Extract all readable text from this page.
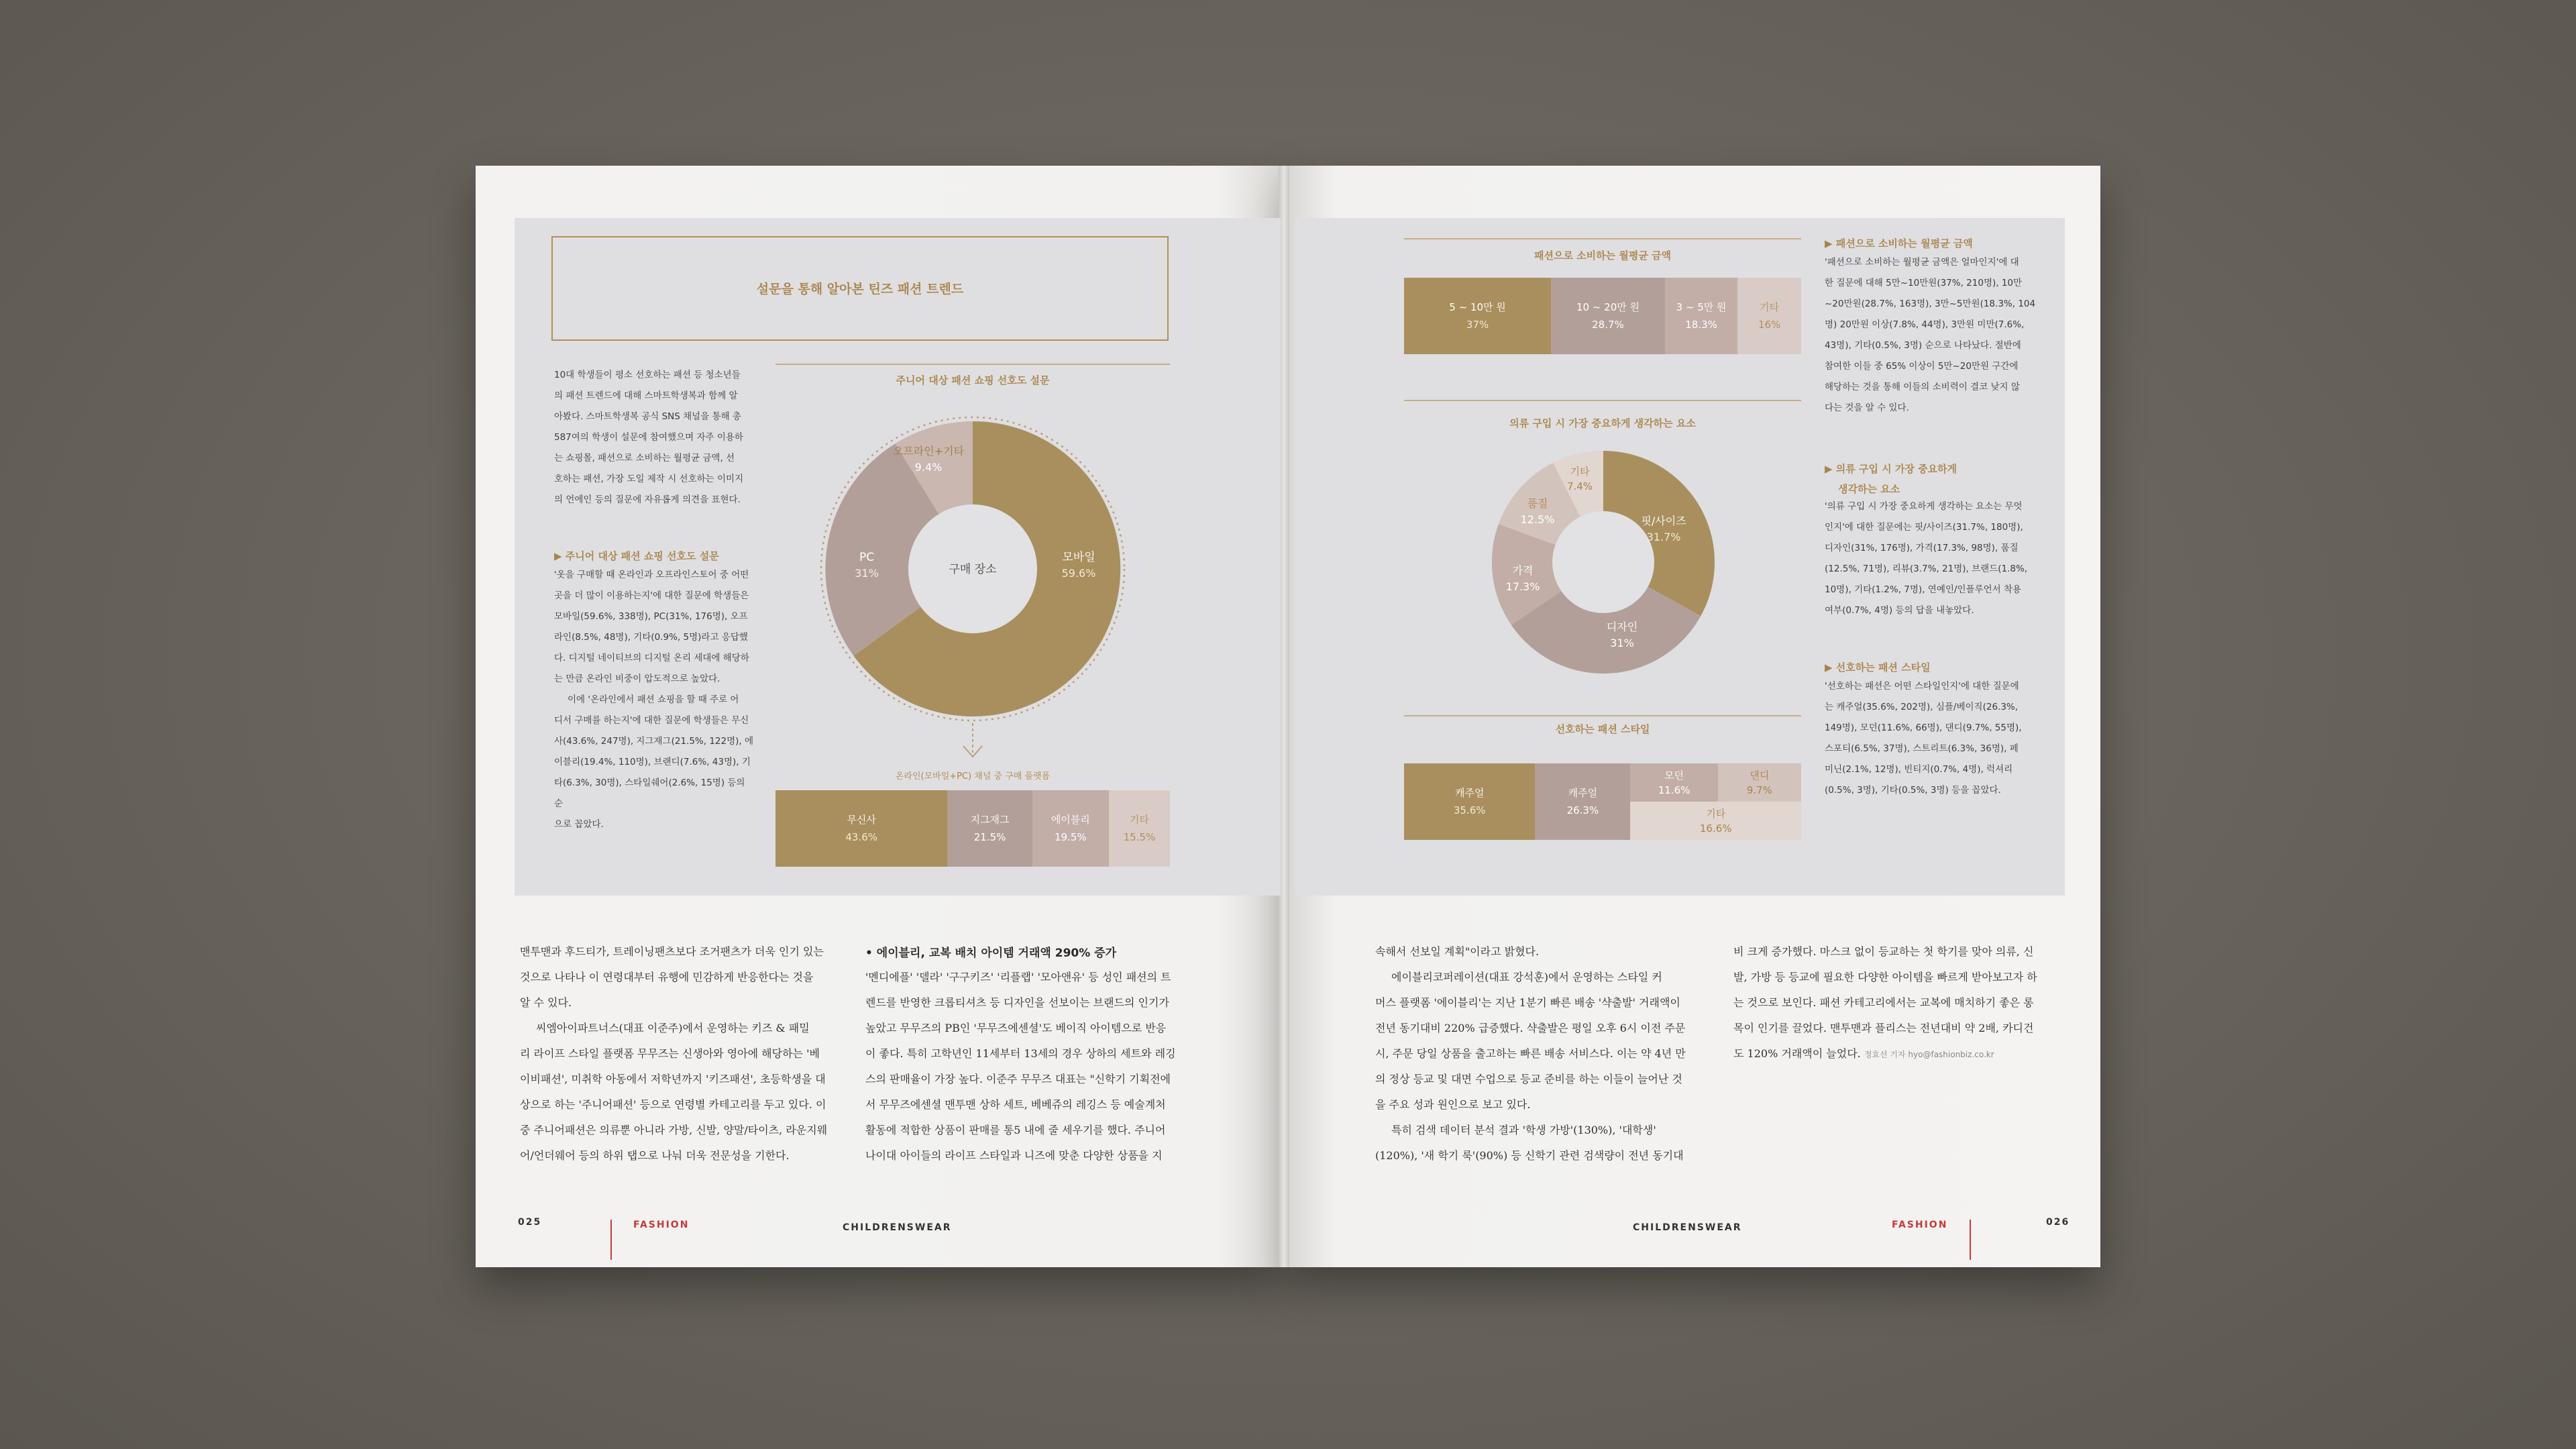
설문을 통해 알아본 틴즈 패션 트렌드
10대 학생들이 평소 선호하는 패션 등 청소년들
의 패션 트렌드에 대해 스마트학생복과 함께 알
아봤다. 스마트학생복 공식 SNS 채널을 통해 총
587여의 학생이 설문에 참여했으며 자주 이용하
는 쇼핑몰, 패션으로 소비하는 월평균 금액, 선
호하는 패션, 가장 도일 제작 시 선호하는 이미지
의 언에인 등의 질문에 자유롭게 의견을 표현다.
▶ 주니어 대상 패션 쇼핑 선호도 설문
'옷을 구매할 때 온라인과 오프라인스토어 중 어떤
곳을 더 많이 이용하는지'에 대한 질문에 학생들은
모바일(59.6%, 338명), PC(31%, 176명), 오프
라인(8.5%, 48명), 기타(0.9%, 5명)라고 응답했
다. 디지털 네이티브의 디지털 온리 세대에 해당하
는 만큼 온라인 비중이 압도적으로 높았다.
이에 '온라인에서 패션 쇼핑을 할 때 주로 어
디서 구매를 하는지'에 대한 질문에 학생들은 무신
사(43.6%, 247명), 지그재그(21.5%, 122명), 에
이블리(19.4%, 110명), 브랜디(7.6%, 43명), 기
타(6.3%, 30명), 스타일쉐어(2.6%, 15명) 등의 순
으로 꼽았다.
주니어 대상 패션 쇼핑 선호도 설문
구매 장소
모바일
59.6%
PC
31%
오프라인+기타
9.4%
온라인(모바일+PC) 채널 중 구매 플랫폼
무신사
43.6%
지그재그
21.5%
에이블리
19.5%
기타
15.5%
맨투맨과 후드티가, 트레이닝팬츠보다 조거팬츠가 더욱 인기 있는
것으로 나타나 이 연령대부터 유행에 민감하게 반응한다는 것을
알 수 있다.
씨엠아이파트너스(대표 이준주)에서 운영하는 키즈 & 패밀
리 라이프 스타일 플랫폼 무무즈는 신생아와 영아에 해당하는 '베
이비패션', 미취학 아동에서 저학년까지 '키즈패션', 초등학생을 대
상으로 하는 '주니어패션' 등으로 연령별 카테고리를 두고 있다. 이
중 주니어패션은 의류뿐 아니라 가방, 신발, 양말/타이츠, 라운지웨
어/언더웨어 등의 하위 탭으로 나눠 더욱 전문성을 기한다.
• 에이블리, 교복 배치 아이템 거래액 290% 증가
'멘디에플' '델라' '구구키즈' '리플랩' '모아앤유' 등 성인 패션의 트
렌드를 반영한 크롭티셔츠 등 디자인을 선보이는 브랜드의 인기가
높았고 무무즈의 PB인 '무무즈에센셜'도 베이직 아이템으로 반응
이 좋다. 특히 고학년인 11세부터 13세의 경우 상하의 세트와 레깅
스의 판매율이 가장 높다. 이준주 무무즈 대표는 "신학기 기획전에
서 무무즈에센셜 맨투맨 상하 세트, 베베쥬의 레깅스 등 예술계처
활동에 적합한 상품이 판매를 통5 내에 줄 세우기를 했다. 주니어
나이대 아이들의 라이프 스타일과 니즈에 맞춘 다양한 상품을 지
025	FASHION	CHILDRENSWEAR
패션으로 소비하는 월평균 금액
5 ~ 10만 원
37%
10 ~ 20만 원
28.7%
3 ~ 5만 원
18.3%
기타
16%
의류 구입 시 가장 중요하게 생각하는 요소
핏/사이즈
31.7%
디자인
31%
가격
17.3%
품질
12.5%
기타
7.4%
선호하는 패션 스타일
캐주얼
35.6%
캐주얼
26.3%
모던
11.6%
댄디
9.7%
기타
16.6%
▶ 패션으로 소비하는 월평균 금액
'패션으로 소비하는 월평균 금액은 얼마인지'에 대
한 질문에 대해 5만~10만원(37%, 210명), 10만
~20만원(28.7%, 163명), 3만~5만원(18.3%, 104
명) 20만원 이상(7.8%, 44명), 3만원 미만(7.6%,
43명), 기타(0.5%, 3명) 순으로 나타났다. 절반에
참여한 이들 중 65% 이상이 5만~20만원 구간에
해당하는 것을 통해 이들의 소비력이 결코 낮지 않
다는 것을 알 수 있다.
▶ 의류 구입 시 가장 중요하게
생각하는 요소
'의류 구입 시 가장 중요하게 생각하는 요소는 무엇
인지'에 대한 질문에는 핏/사이즈(31.7%, 180명),
디자인(31%, 176명), 가격(17.3%, 98명), 품질
(12.5%, 71명), 리뷰(3.7%, 21명), 브랜드(1.8%,
10명), 기타(1.2%, 7명), 연예인/인플루언서 착용
여부(0.7%, 4명) 등의 답을 내놓았다.
▶ 선호하는 패션 스타일
'선호하는 패션은 어떤 스타일인지'에 대한 질문에
는 캐주얼(35.6%, 202명), 심플/베이직(26.3%,
149명), 모던(11.6%, 66명), 댄디(9.7%, 55명),
스포티(6.5%, 37명), 스트리트(6.3%, 36명), 페
미닌(2.1%, 12명), 빈티지(0.7%, 4명), 럭셔리
(0.5%, 3명), 기타(0.5%, 3명) 등을 꼽았다.
속해서 선보일 계획"이라고 밝혔다.
에이블리코퍼레이션(대표 강석훈)에서 운영하는 스타일 커
머스 플랫폼 '에이블리'는 지난 1분기 빠른 배송 '샥출발' 거래액이
전년 동기대비 220% 급증했다. 샥출발은 평일 오후 6시 이전 주문
시, 주문 당일 상품을 출고하는 빠른 배송 서비스다. 이는 약 4년 만
의 정상 등교 및 대면 수업으로 등교 준비를 하는 이들이 늘어난 것
을 주요 성과 원인으로 보고 있다.
특히 검색 데이터 분석 결과 '학생 가방'(130%), '대학생'
(120%), '새 학기 룩'(90%) 등 신학기 관련 검색량이 전년 동기대
비 크게 증가했다. 마스크 없이 등교하는 첫 학기를 맞아 의류, 신
발, 가방 등 등교에 필요한 다양한 아이템을 빠르게 받아보고자 하
는 것으로 보인다. 패션 카테고리에서는 교복에 매치하기 좋은 롱
목이 인기를 끌었다. 맨투맨과 플리스는 전년대비 약 2배, 카디건
도 120% 거래액이 늘었다. 정효선 기자 hyo@fashionbiz.co.kr
CHILDRENSWEAR	FASHION	026
